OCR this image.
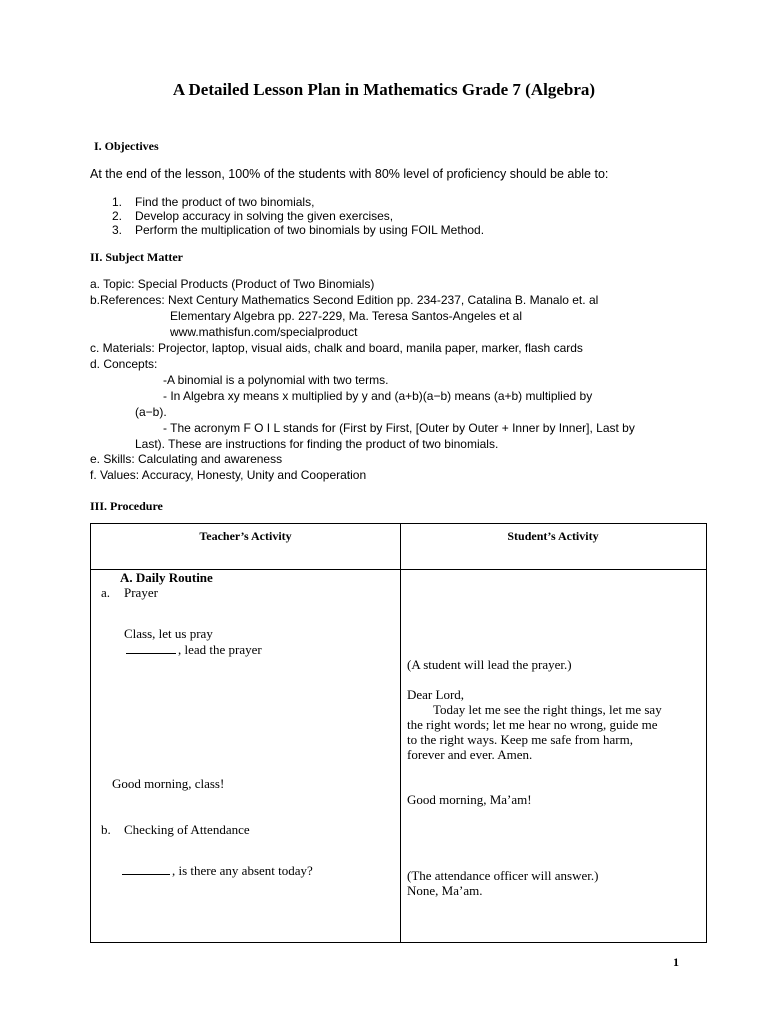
A Detailed Lesson Plan in Mathematics Grade 7 (Algebra)
I. Objectives
At the end of the lesson, 100% of the students with 80% level of proficiency should be able to:
1. Find the product of two binomials,
2. Develop accuracy in solving the given exercises,
3. Perform the multiplication of two binomials by using FOIL Method.
II. Subject Matter
a. Topic: Special Products (Product of Two Binomials)
b.References: Next Century Mathematics Second Edition pp. 234-237, Catalina B. Manalo et. al
Elementary Algebra pp. 227-229, Ma. Teresa Santos-Angeles et al
www.mathisfun.com/specialproduct
c. Materials: Projector, laptop, visual aids, chalk and board, manila paper, marker, flash cards
d. Concepts:
-A binomial is a polynomial with two terms.
- In Algebra xy means x multiplied by y and (a+b)(a−b) means (a+b) multiplied by
(a−b).
- The acronym F O I L stands for (First by First, [Outer by Outer + Inner by Inner], Last by
Last). These are instructions for finding the product of two binomials.
e. Skills: Calculating and awareness
f. Values: Accuracy, Honesty, Unity and Cooperation
III. Procedure
Teacher’s Activity	Student’s Activity
A. Daily Routine
a. Prayer
Class, let us pray
, lead the prayer
Good morning, class!
b. Checking of Attendance
, is there any absent today?
(A student will lead the prayer.)
Dear Lord,
Today let me see the right things, let me say
the right words; let me hear no wrong, guide me
to the right ways. Keep me safe from harm,
forever and ever. Amen.
Good morning, Ma’am!
(The attendance officer will answer.)
None, Ma’am.
1
